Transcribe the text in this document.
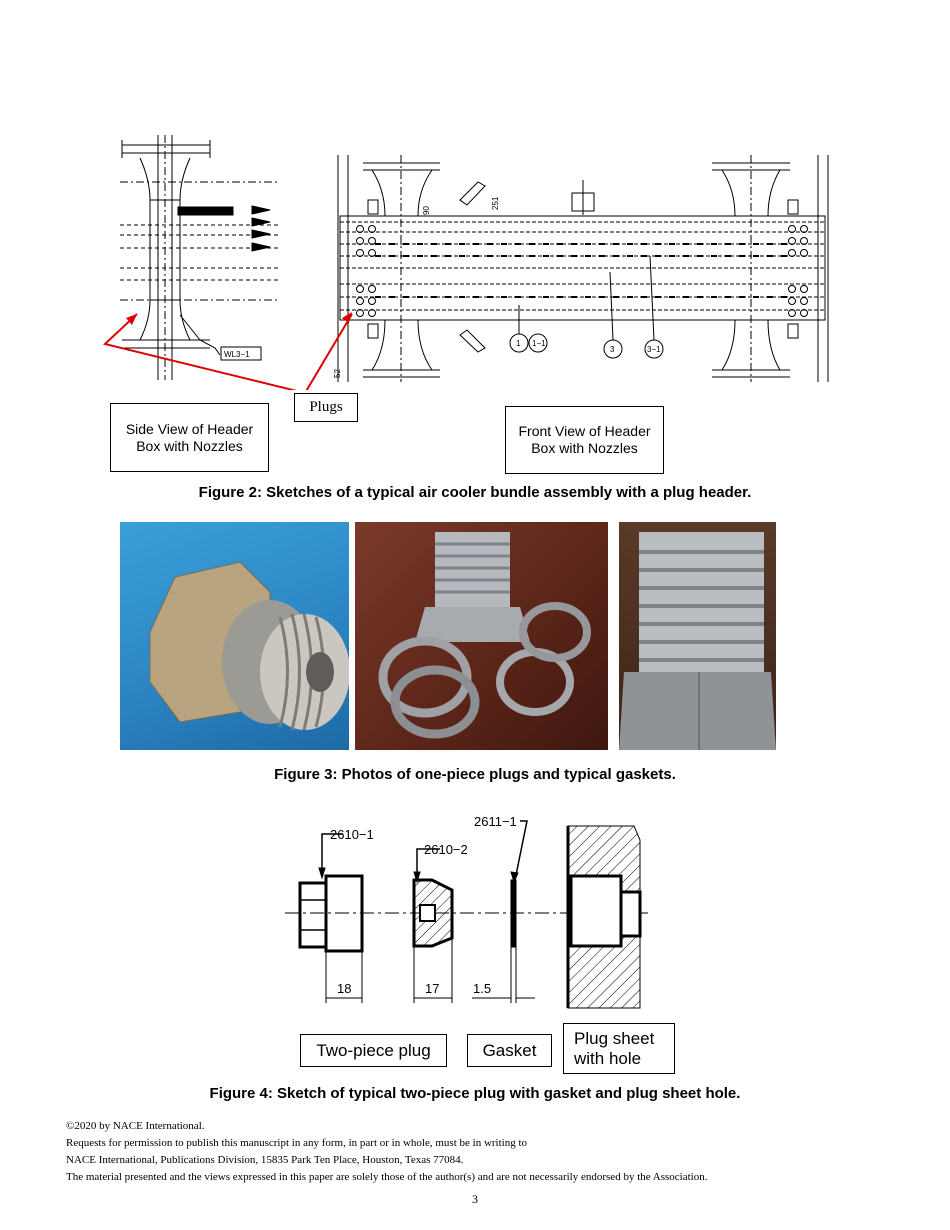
WL3−1
90
251
52
1 1−1
3	3−1
Side View of Header Box with Nozzles
Plugs
Front View of Header Box with Nozzles
Figure 2: Sketches of a typical air cooler bundle assembly with a plug header.
Figure 3: Photos of one-piece plugs and typical gaskets.
2610−1
2610−2
2611−1
18	17	1.5
Two-piece plug	Gasket
Plug sheet with hole
Figure 4: Sketch of typical two-piece plug with gasket and plug sheet hole.
©2020 by NACE International.
Requests for permission to publish this manuscript in any form, in part or in whole, must be in writing to
NACE International, Publications Division, 15835 Park Ten Place, Houston, Texas 77084.
The material presented and the views expressed in this paper are solely those of the author(s) and are not necessarily endorsed by the Association.
3
